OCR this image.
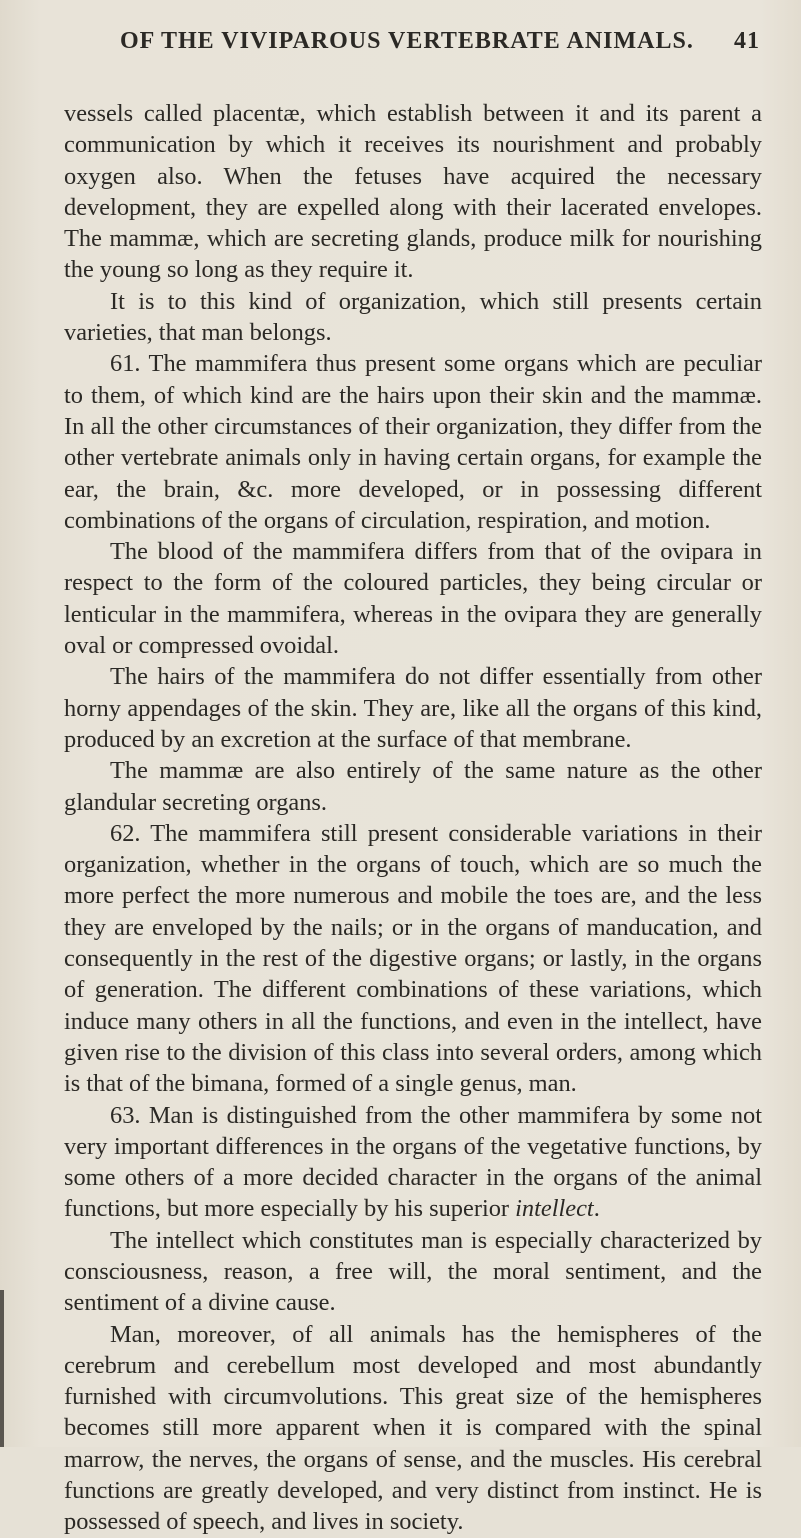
OF THE VIVIPAROUS VERTEBRATE ANIMALS. 41

vessels called placentæ, which establish between it and its parent a communication by which it receives its nourishment and probably oxygen also. When the fetuses have acquired the necessary development, they are expelled along with their lacerated envelopes. The mammæ, which are secreting glands, produce milk for nourishing the young so long as they require it.

It is to this kind of organization, which still presents certain varieties, that man belongs.

61. The mammifera thus present some organs which are peculiar to them, of which kind are the hairs upon their skin and the mammæ. In all the other circumstances of their organization, they differ from the other vertebrate animals only in having certain organs, for example the ear, the brain, &c. more developed, or in possessing different combinations of the organs of circulation, respiration, and motion.

The blood of the mammifera differs from that of the ovipara in respect to the form of the coloured particles, they being circular or lenticular in the mammifera, whereas in the ovipara they are generally oval or compressed ovoidal.

The hairs of the mammifera do not differ essentially from other horny appendages of the skin. They are, like all the organs of this kind, produced by an excretion at the surface of that membrane.

The mammæ are also entirely of the same nature as the other glandular secreting organs.

62. The mammifera still present considerable variations in their organization, whether in the organs of touch, which are so much the more perfect the more numerous and mobile the toes are, and the less they are enveloped by the nails; or in the organs of manducation, and consequently in the rest of the digestive organs; or lastly, in the organs of generation. The different combinations of these variations, which induce many others in all the functions, and even in the intellect, have given rise to the division of this class into several orders, among which is that of the bimana, formed of a single genus, man.

63. Man is distinguished from the other mammifera by some not very important differences in the organs of the vegetative functions, by some others of a more decided character in the organs of the animal functions, but more especially by his superior intellect.

The intellect which constitutes man is especially characterized by consciousness, reason, a free will, the moral sentiment, and the sentiment of a divine cause.

Man, moreover, of all animals has the hemispheres of the cerebrum and cerebellum most developed and most abundantly furnished with circumvolutions. This great size of the hemispheres becomes still more apparent when it is compared with the spinal marrow, the nerves, the organs of sense, and the muscles. His cerebral functions are greatly developed, and very distinct from instinct. He is possessed of speech, and lives in society.
